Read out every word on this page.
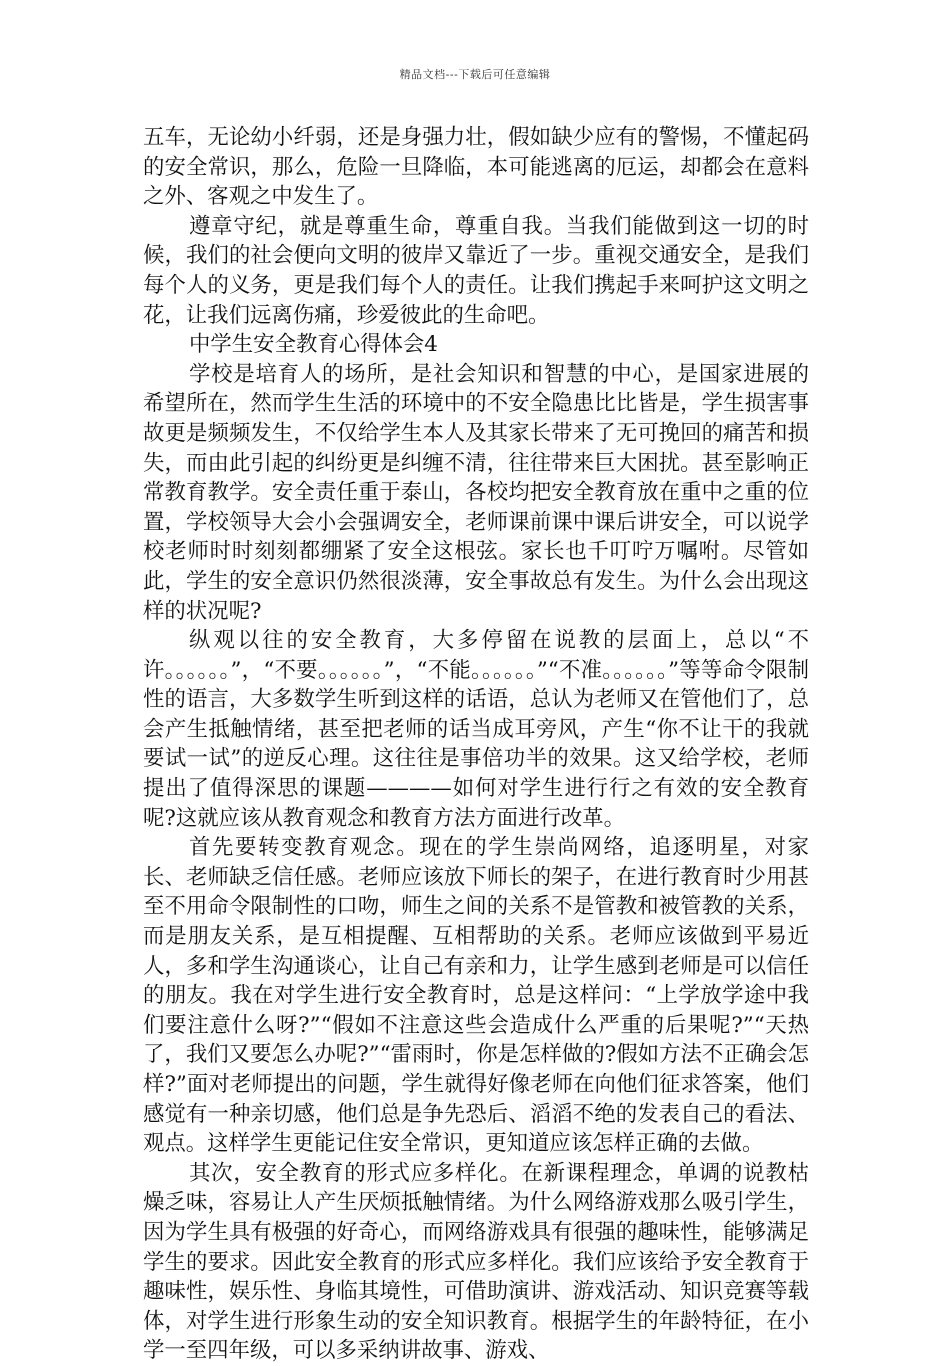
精品文档---下载后可任意编辑

五车，无论幼小纤弱，还是身强力壮，假如缺少应有的警惕，不懂起码的安全常识，那么，危险一旦降临，本可能逃离的厄运，却都会在意料之外、客观之中发生了。

遵章守纪，就是尊重生命，尊重自我。当我们能做到这一切的时候，我们的社会便向文明的彼岸又靠近了一步。重视交通安全，是我们每个人的义务，更是我们每个人的责任。让我们携起手来呵护这文明之花，让我们远离伤痛，珍爱彼此的生命吧。

中学生安全教育心得体会4

学校是培育人的场所，是社会知识和智慧的中心，是国家进展的希望所在，然而学生生活的环境中的不安全隐患比比皆是，学生损害事故更是频频发生，不仅给学生本人及其家长带来了无可挽回的痛苦和损失，而由此引起的纠纷更是纠缠不清，往往带来巨大困扰。甚至影响正常教育教学。安全责任重于泰山，各校均把安全教育放在重中之重的位置，学校领导大会小会强调安全，老师课前课中课后讲安全，可以说学校老师时时刻刻都绷紧了安全这根弦。家长也千叮咛万嘱咐。尽管如此，学生的安全意识仍然很淡薄，安全事故总有发生。为什么会出现这样的状况呢?

纵观以往的安全教育，大多停留在说教的层面上，总以“不许。。。。。。”，“不要。。。。。。”，“不能。。。。。。”“不准。。。。。。”等等命令限制性的语言，大多数学生听到这样的话语，总认为老师又在管他们了，总会产生抵触情绪，甚至把老师的话当成耳旁风，产生“你不让干的我就要试一试”的逆反心理。这往往是事倍功半的效果。这又给学校，老师提出了值得深思的课题————如何对学生进行行之有效的安全教育呢?这就应该从教育观念和教育方法方面进行改革。

首先要转变教育观念。现在的学生崇尚网络，追逐明星，对家长、老师缺乏信任感。老师应该放下师长的架子，在进行教育时少用甚至不用命令限制性的口吻，师生之间的关系不是管教和被管教的关系，而是朋友关系，是互相提醒、互相帮助的关系。老师应该做到平易近人，多和学生沟通谈心，让自己有亲和力，让学生感到老师是可以信任的朋友。我在对学生进行安全教育时，总是这样问：“上学放学途中我们要注意什么呀?”“假如不注意这些会造成什么严重的后果呢?”“天热了，我们又要怎么办呢?”“雷雨时，你是怎样做的?假如方法不正确会怎样?”面对老师提出的问题，学生就得好像老师在向他们征求答案，他们感觉有一种亲切感，他们总是争先恐后、滔滔不绝的发表自己的看法、观点。这样学生更能记住安全常识，更知道应该怎样正确的去做。

其次，安全教育的形式应多样化。在新课程理念，单调的说教枯燥乏味，容易让人产生厌烦抵触情绪。为什么网络游戏那么吸引学生，因为学生具有极强的好奇心，而网络游戏具有很强的趣味性，能够满足学生的要求。因此安全教育的形式应多样化。我们应该给予安全教育于趣味性，娱乐性、身临其境性，可借助演讲、游戏活动、知识竞赛等载体，对学生进行形象生动的安全知识教育。根据学生的年龄特征，在小学一至四年级，可以多采纳讲故事、游戏、
